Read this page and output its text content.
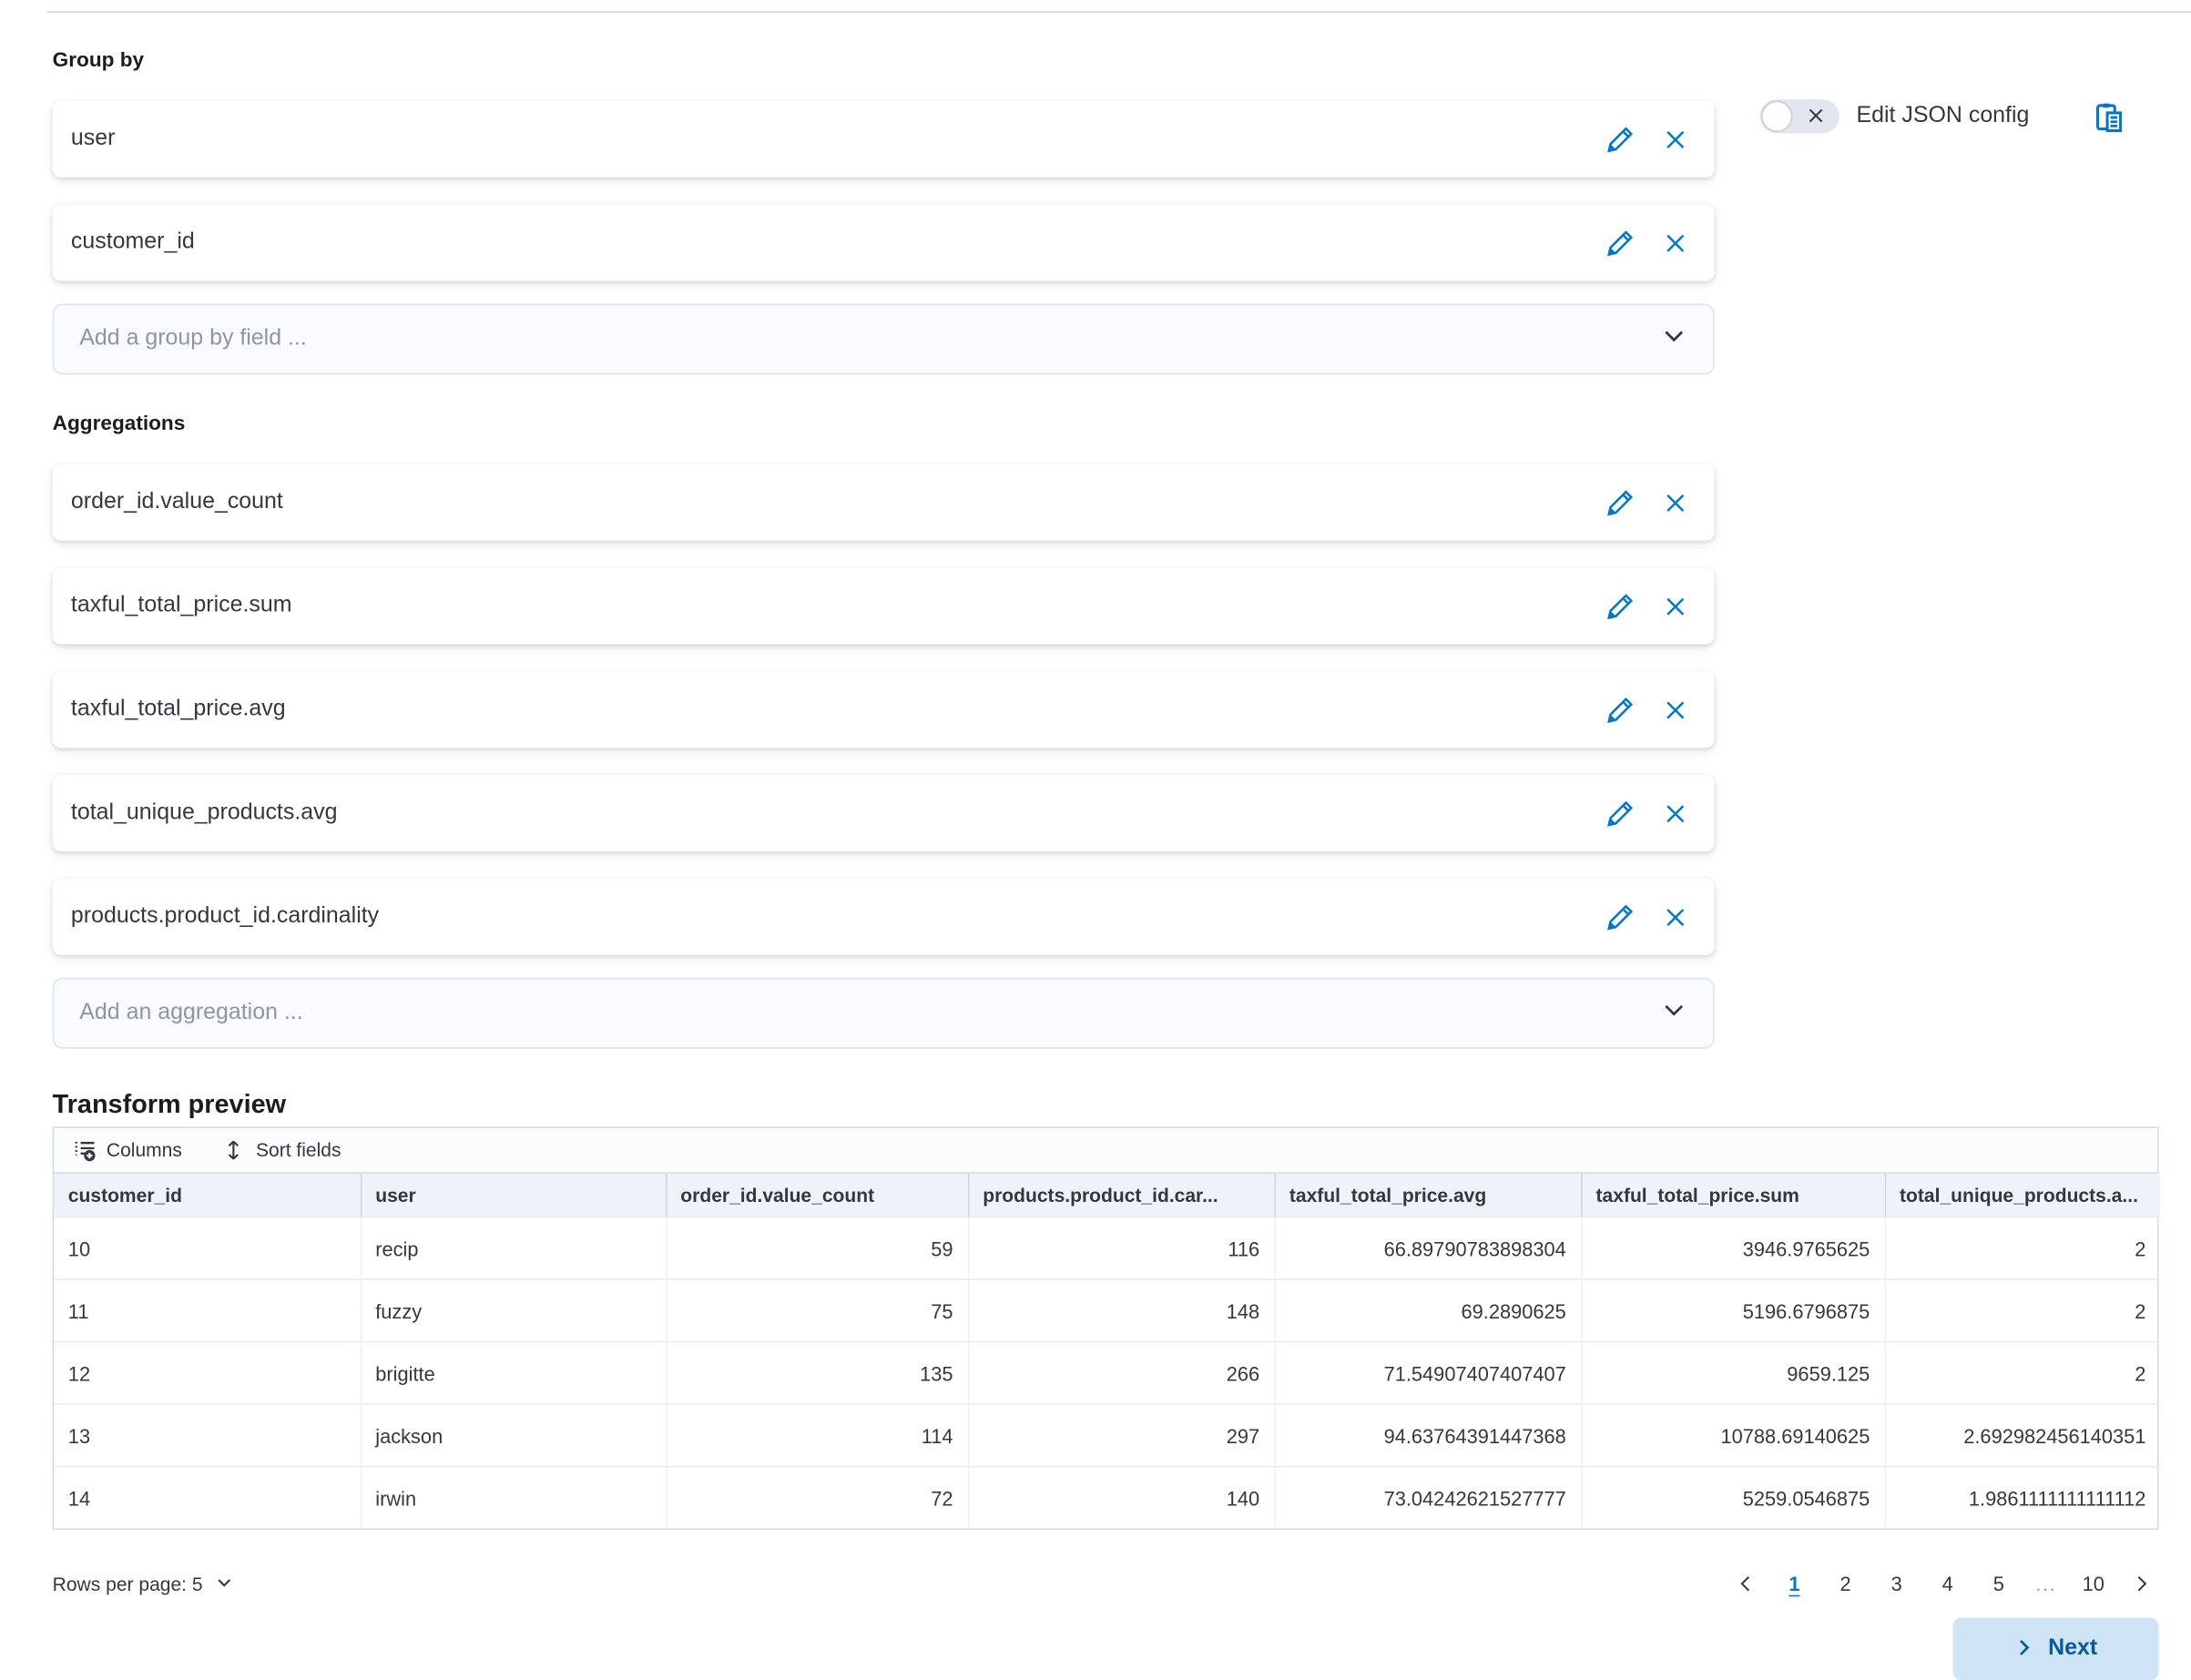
Group by
user
customer_id
Add a group by field ...
Aggregations
order_id.value_count
taxful_total_price.sum
taxful_total_price.avg
total_unique_products.avg
products.product_id.cardinality
Add an aggregation ...
Transform preview
Columns	Sort fields
customer_id	user	order_id.value_count	products.product_id.car...	taxful_total_price.avg	taxful_total_price.sum	total_unique_products.a...
10	recip	59	116	66.89790783898304	3946.9765625	2
11	fuzzy	75	148	69.2890625	5196.6796875	2
12	brigitte	135	266	71.54907407407407	9659.125	2
13	jackson	114	297	94.63764391447368	10788.69140625	2.692982456140351
14	irwin	72	140	73.04242621527777	5259.0546875	1.9861111111111112
Rows per page: 5	1	2	3	4	5	...	10
Next
Edit JSON config
